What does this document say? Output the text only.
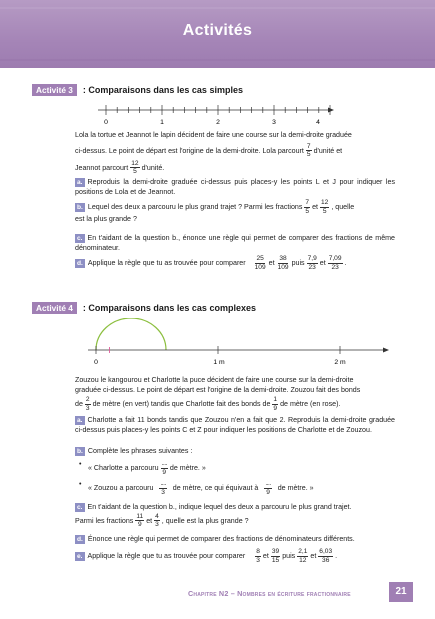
Activités
Activité 3	: Comparaisons dans les cas simples
0	1	2	3	4
Lola la tortue et Jeannot le lapin décident de faire une course sur la demi-droite graduée
ci-dessus. Le point de départ est l'origine de la demi-droite. Lola parcourt $\frac{7}{5}$ d'unité et
Jeannot parcourt $\frac{12}{5}$ d'unité.
a. Reproduis la demi-droite graduée ci-dessus puis places-y les points L et J pour indiquer les positions de Lola et de Jeannot.
b. Lequel des deux a parcouru le plus grand trajet ? Parmi les fractions $\frac{7}{5}$ et $\frac{12}{5}$ , quelle
est la plus grande ?
c. En t'aidant de la question b., énonce une règle qui permet de comparer des fractions de même dénominateur.
d. Applique la règle que tu as trouvée pour comparer $\frac{25}{109}$ et $\frac{38}{109}$ puis $\frac{7,9}{23}$ et $\frac{7,09}{23}$ .
Activité 4	: Comparaisons dans les cas complexes
0	1 m	2 m
Zouzou le kangourou et Charlotte la puce décident de faire une course sur la demi-droite
graduée ci-dessus. Le point de départ est l'origine de la demi-droite. Zouzou fait des bonds
de $\frac{2}{3}$ de mètre (en vert) tandis que Charlotte fait des bonds de $\frac{1}{9}$ de mètre (en rose).
a. Charlotte a fait 11 bonds tandis que Zouzou n'en a fait que 2. Reproduis la demi-droite graduée ci-dessus puis places-y les points C et Z pour indiquer les positions de Charlotte et de Zouzou.
b. Complète les phrases suivantes :
• « Charlotte a parcouru $\frac{....}{9}$ de mètre. »
• « Zouzou a parcouru $\frac{....}{3}$ de mètre, ce qui équivaut à $\frac{....}{9}$ de mètre. »
c. En t'aidant de la question b., indique lequel des deux a parcouru le plus grand trajet.
Parmi les fractions $\frac{11}{9}$ et $\frac{4}{3}$ , quelle est la plus grande ?
d. Énonce une règle qui permet de comparer des fractions de dénominateurs différents.
e. Applique la règle que tu as trouvée pour comparer $\frac{8}{3}$ et $\frac{39}{15}$ puis $\frac{2,1}{12}$ et $\frac{6,03}{36}$ .
Chapitre N2 – Nombres en écriture fractionnaire	21
